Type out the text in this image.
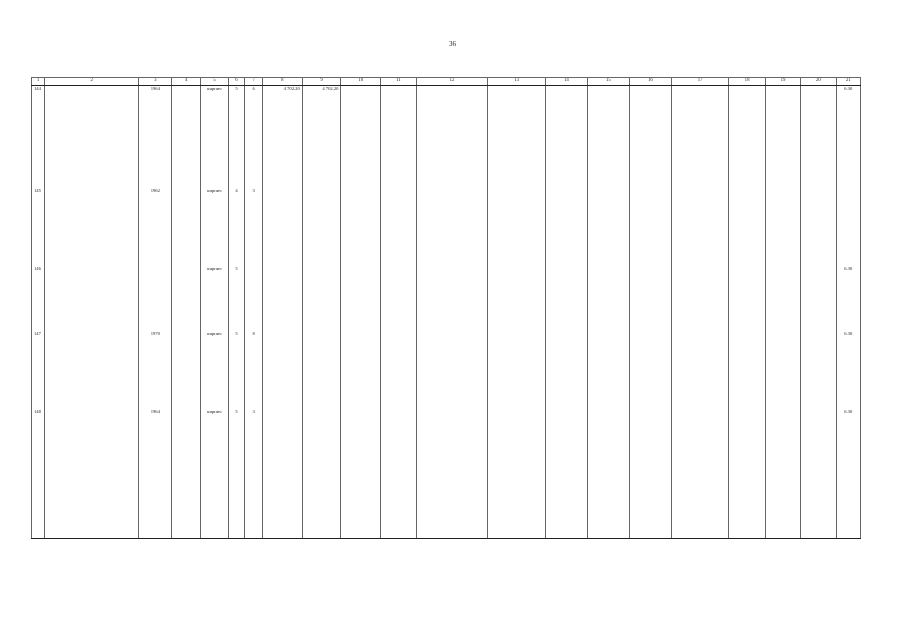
36
1	2	3	4	5	6	7	8	9	10	11	12	13	14	15	16	17	18	19	20	21
144		1964		кирпич	5	6	4 702,20	4 702,20												6.30
145		1962		кирпич	4	3														
146				кирпич	5															6.30
147		1970		кирпич	5	8														6.30
148		1964		кирпич	5	3														6.30
